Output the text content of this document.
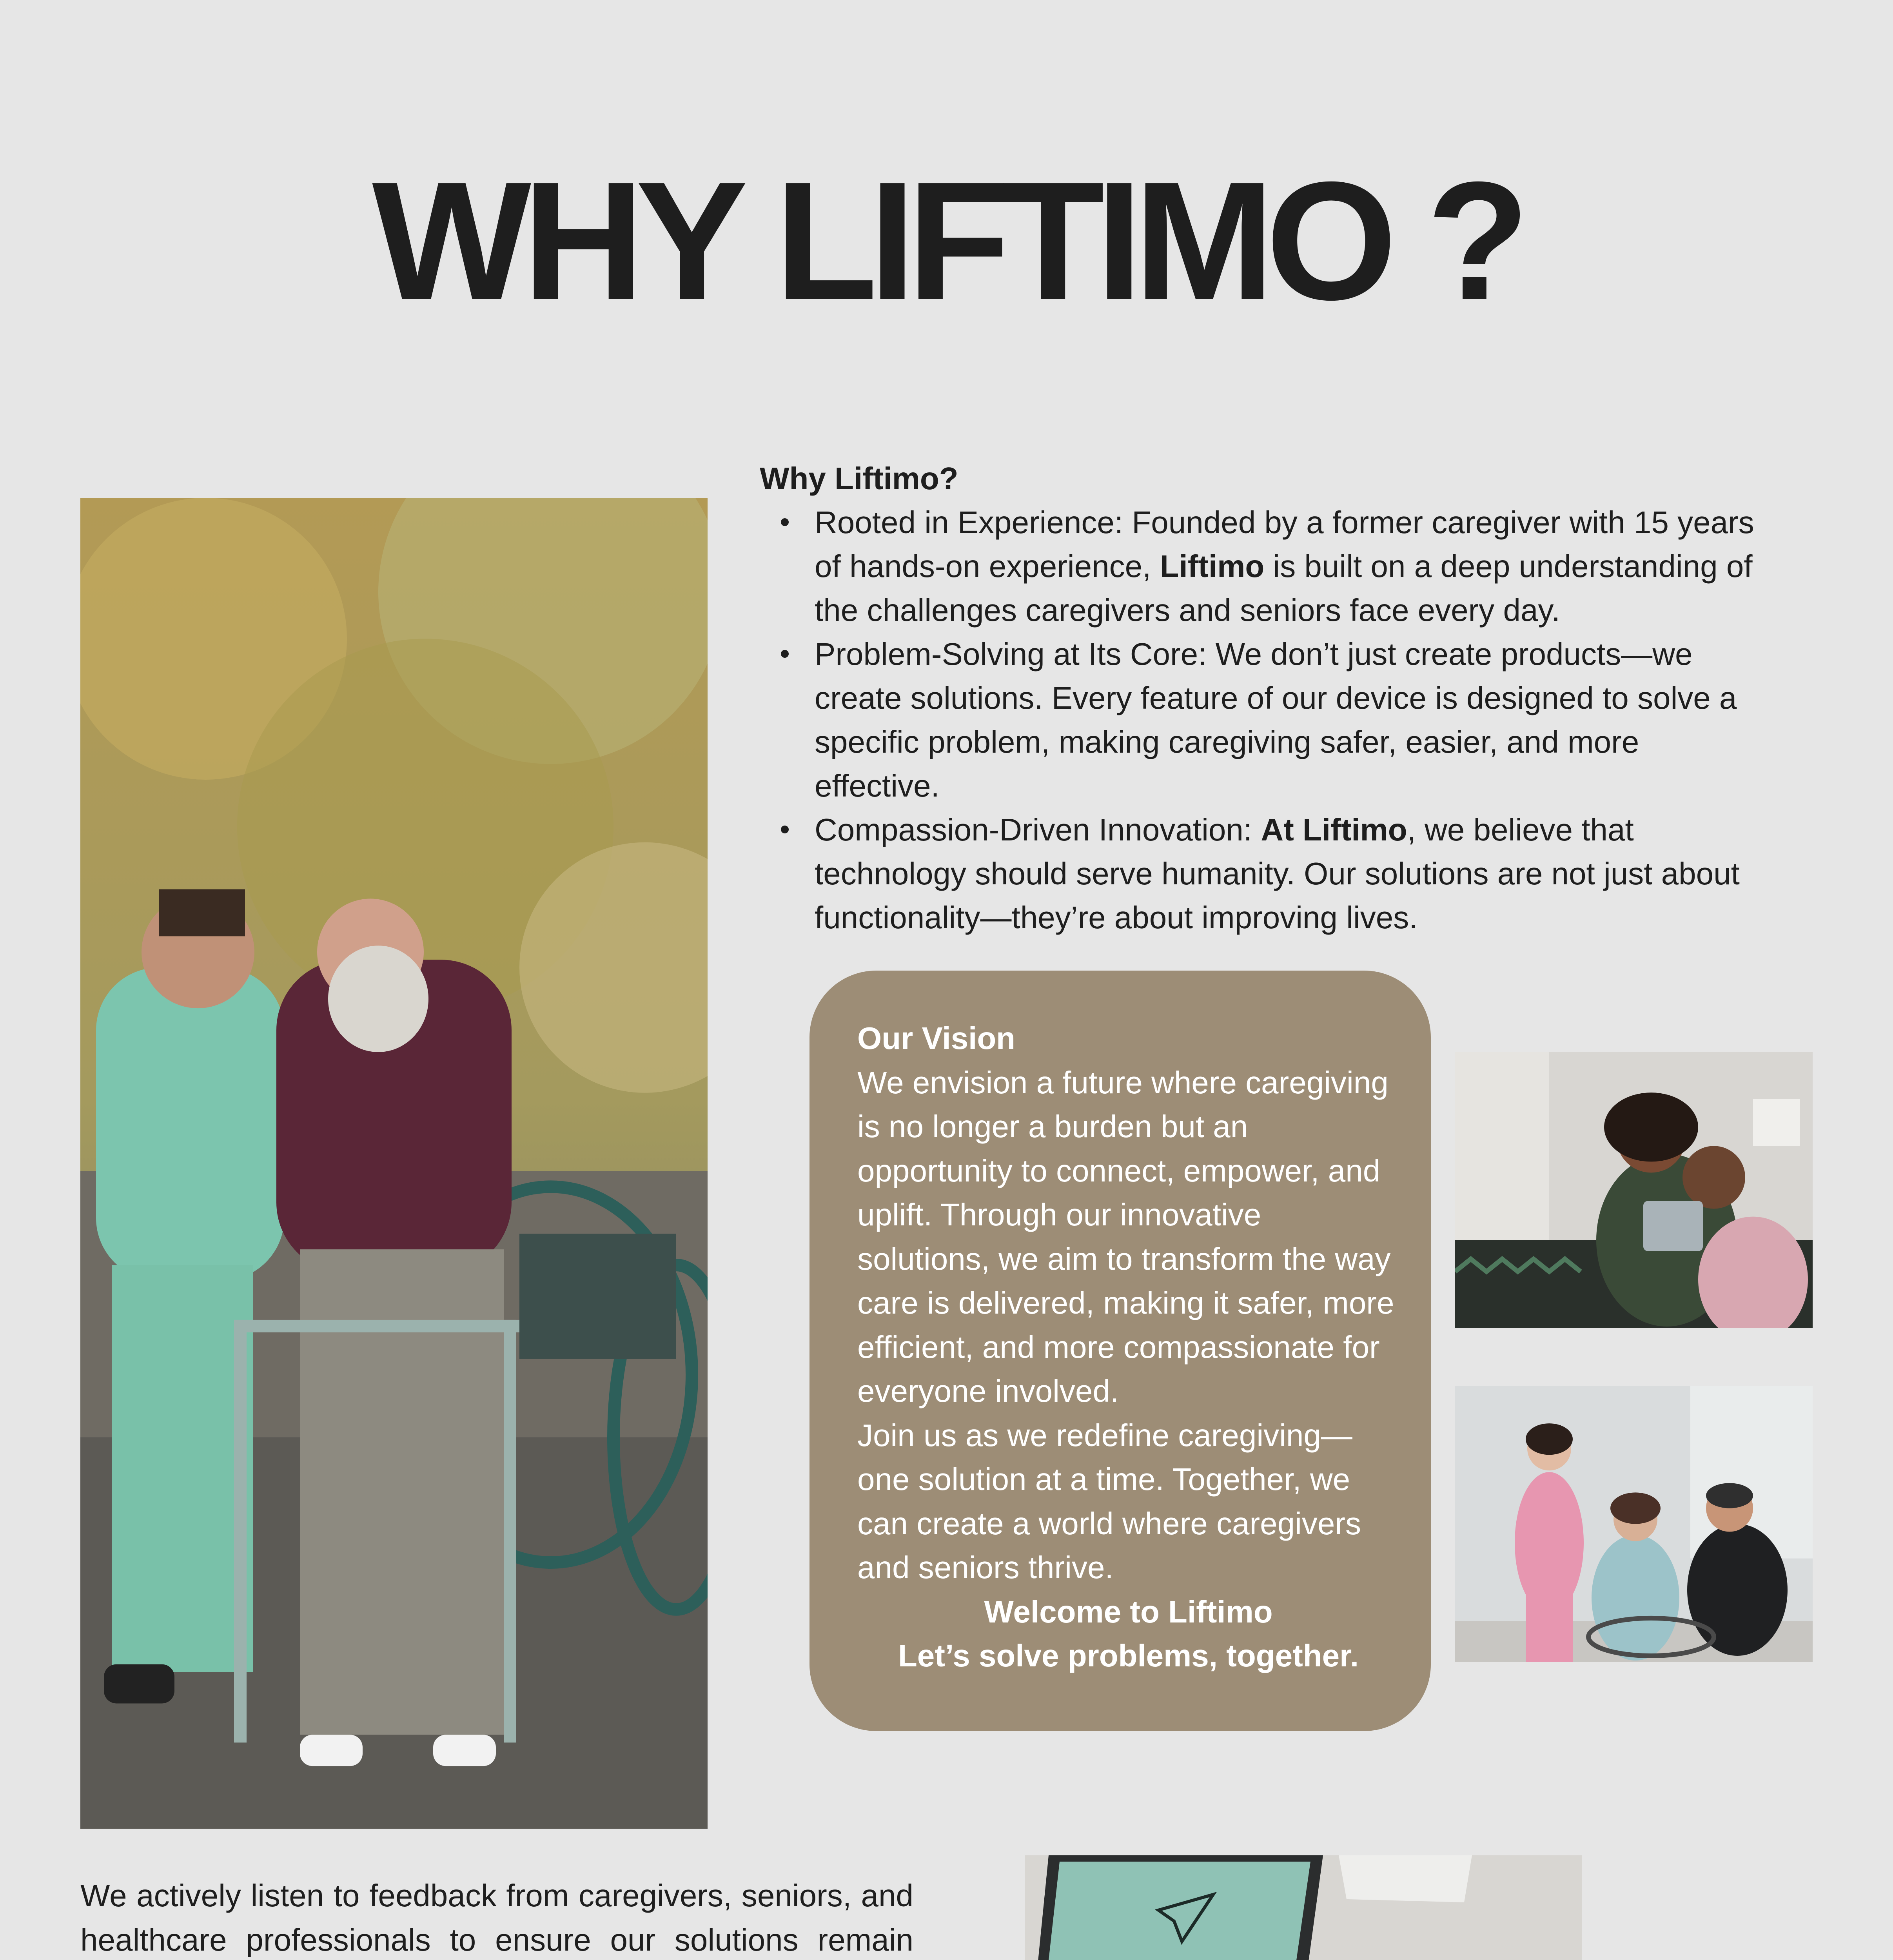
WHY LIFTIMO ?

Why Liftimo?

Rooted in Experience: Founded by a former caregiver with 15 years of hands-on experience, Liftimo is built on a deep understanding of the challenges caregivers and seniors face every day.
Problem-Solving at Its Core: We don’t just create products—we create solutions. Every feature of our device is designed to solve a specific problem, making caregiving safer, easier, and more effective.
Compassion-Driven Innovation: At Liftimo, we believe that technology should serve humanity. Our solutions are not just about functionality—they’re about improving lives.

Our Vision

We envision a future where caregiving is no longer a burden but an opportunity to connect, empower, and uplift. Through our innovative solutions, we aim to transform the way care is delivered, making it safer, more efficient, and more compassionate for everyone involved.

Join us as we redefine caregiving—one solution at a time. Together, we can create a world where caregivers and seniors thrive.

Welcome to Liftimo

Let’s solve problems, together.

We actively listen to feedback from caregivers, seniors, and healthcare professionals to ensure our solutions remain
